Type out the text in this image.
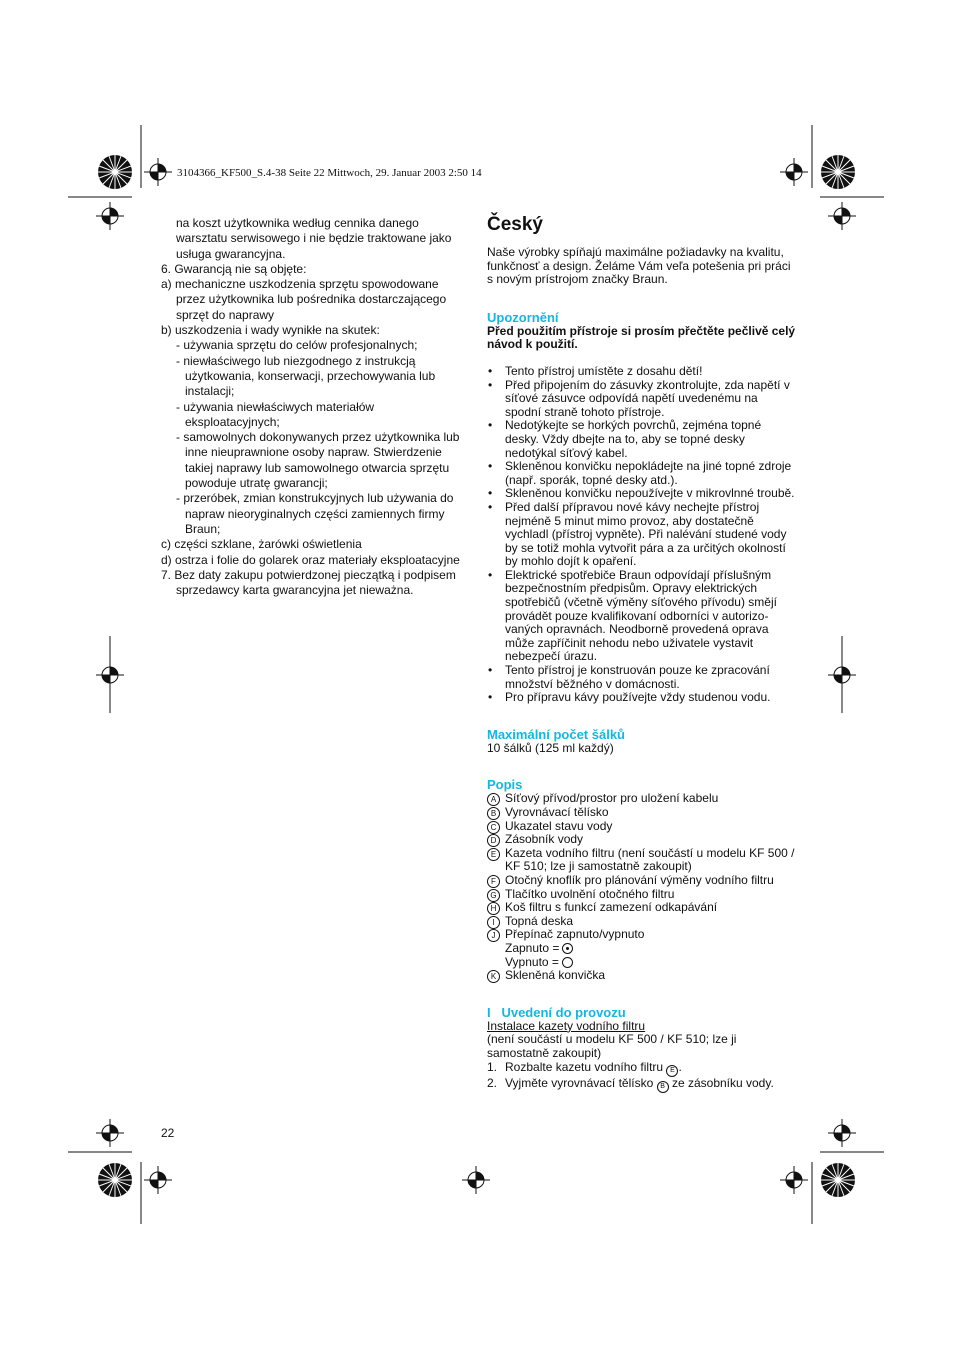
3104366_KF500_S.4-38 Seite 22 Mittwoch, 29. Januar 2003 2:50 14
na koszt użytkownika według cennika danego
warsztatu serwisowego i nie będzie traktowane jako
usługa gwarancyjna.
6. Gwarancją nie są objęte:
a) mechaniczne uszkodzenia sprzętu spowodowane
przez użytkownika lub pośrednika dostarczającego
sprzęt do naprawy
b) uszkodzenia i wady wynikłe na skutek:
- używania sprzętu do celów profesjonalnych;
- niewłaściwego lub niezgodnego z instrukcją
użytkowania, konserwacji, przechowywania lub
instalacji;
- używania niewłaściwych materiałów
eksploatacyjnych;
- samowolnych dokonywanych przez użytkownika lub
inne nieuprawnione osoby napraw. Stwierdzenie
takiej naprawy lub samowolnego otwarcia sprzętu
powoduje utratę gwarancji;
- przeróbek, zmian konstrukcyjnych lub używania do
napraw nieoryginalnych części zamiennych firmy
Braun;
c) części szklane, żarówki oświetlenia
d) ostrza i folie do golarek oraz materiały eksploatacyjne
7. Bez daty zakupu potwierdzonej pieczątką i podpisem
sprzedawcy karta gwarancyjna jet nieważna.
Český

Naše výrobky spíňajú maximálne požiadavky na kvalitu, funkčnosť a design. Želáme Vám veľa potešenia pri práci s novým prístrojom značky Braun.

Upozornění

Před použitím přístroje si prosím přečtěte pečlivě celý návod k použití.

• Tento přístroj umístěte z dosahu dětí!
• Před připojením do zásuvky zkontrolujte, zda napětí v síťové zásuvce odpovídá napětí uvedenému na spodní straně tohoto přístroje.
• Nedotýkejte se horkých povrchů, zejména topné desky. Vždy dbejte na to, aby se topné desky nedotýkal síťový kabel.
• Skleněnou konvičku nepokládejte na jiné topné zdroje (např. sporák, topné desky atd.).
• Skleněnou konvičku nepoužívejte v mikrovlnné troubě.
• Před další přípravou nové kávy nechejte přístroj nejméně 5 minut mimo provoz, aby dostatečně vychladl (přístroj vypněte). Při nalévání studené vody by se totiž mohla vytvořit pára a za určitých okolností by mohlo dojít k opaření.
• Elektrické spotřebiče Braun odpovídají příslušným bezpečnostním předpisům. Opravy elektrických spotřebičů (včetně výměny síťového přívodu) smějí provádět pouze kvalifikovaní odborníci v autorizo-vaných opravnách. Neodborně provedená oprava může zapříčinit nehodu nebo uživatele vystavit nebezpečí úrazu.
• Tento přístroj je konstruován pouze ke zpracování množství běžného v domácnosti.
• Pro přípravu kávy používejte vždy studenou vodu.
Maximální počet šálků

10 šálků (125 ml každý)

Popis
A Síťový přívod/prostor pro uložení kabelu
B Vyrovnávací tělísko
C Ukazatel stavu vody
D Zásobník vody
E Kazeta vodního filtru (není součástí u modelu KF 500 / KF 510; lze ji samostatně zakoupit)
F Otočný knoflík pro plánování výměny vodního filtru
G Tlačítko uvolnění otočného filtru
H Koš filtru s funkcí zamezení odkapávání
I Topná deska
J Přepínač zapnuto/vypnuto
Zapnuto =
Vypnuto =
K Skleněná konvička
I   Uvedení do provozu

Instalace kazety vodního filtru

(není součástí u modelu KF 500 / KF 510; lze ji samostatně zakoupit)

1. Rozbalte kazetu vodního filtru E .
2. Vyjměte vyrovnávací tělísko B ze zásobníku vody.
22
